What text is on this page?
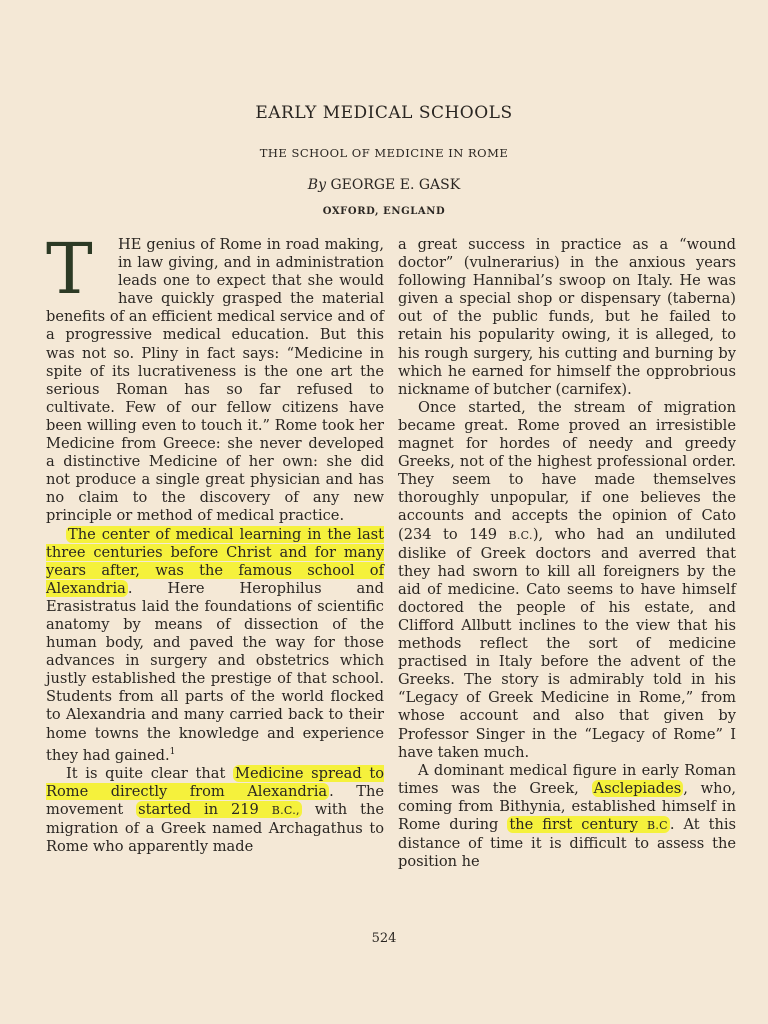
EARLY MEDICAL SCHOOLS
THE SCHOOL OF MEDICINE IN ROME
By GEORGE E. GASK
OXFORD, ENGLAND

T	HE genius of Rome in road making, in law giving, and in administration leads one to expect that she would have quickly grasped the material benefits of an efficient medical service and of a progressive medical education. But this was not so. Pliny in fact says: “Medicine in spite of its lucrativeness is the one art the serious Roman has so far refused to cultivate. Few of our fellow citizens have been willing even to touch it.” Rome took her Medicine from Greece: she never developed a distinctive Medicine of her own: she did not produce a single great physician and has no claim to the discovery of any new principle or method of medical practice.

The center of medical learning in the last three centuries before Christ and for many years after, was the famous school of Alexandria . Here Herophilus and Erasistratus laid the foundations of scientific anatomy by means of dissection of the human body, and paved the way for those advances in surgery and obstetrics which justly established the prestige of that school. Students from all parts of the world flocked to Alexandria and many carried back to their home towns the knowledge and experience they had gained.$^1$

It is quite clear that Medicine spread to Rome directly from Alexandria . The movement started in 219 B.C., with the migration of a Greek named Archagathus to Rome who apparently made

a great success in practice as a “wound doctor” (vulnerarius) in the anxious years following Hannibal’s swoop on Italy. He was given a special shop or dispensary (taberna) out of the public funds, but he failed to retain his popularity owing, it is alleged, to his rough surgery, his cutting and burning by which he earned for himself the opprobrious nickname of butcher (carnifex).

Once started, the stream of migration became great. Rome proved an irresistible magnet for hordes of needy and greedy Greeks, not of the highest professional order. They seem to have made themselves thoroughly unpopular, if one believes the accounts and accepts the opinion of Cato (234 to 149 B.C.), who had an undiluted dislike of Greek doctors and averred that they had sworn to kill all foreigners by the aid of medicine. Cato seems to have himself doctored the people of his estate, and Clifford Allbutt inclines to the view that his methods reflect the sort of medicine practised in Italy before the advent of the Greeks. The story is admirably told in his “Legacy of Greek Medicine in Rome,” from whose account and also that given by Professor Singer in the “Legacy of Rome” I have taken much.

A dominant medical figure in early Roman times was the Greek, Asclepiades , who, coming from Bithynia, established himself in Rome during the first century B.C . At this distance of time it is difficult to assess the position he

524
